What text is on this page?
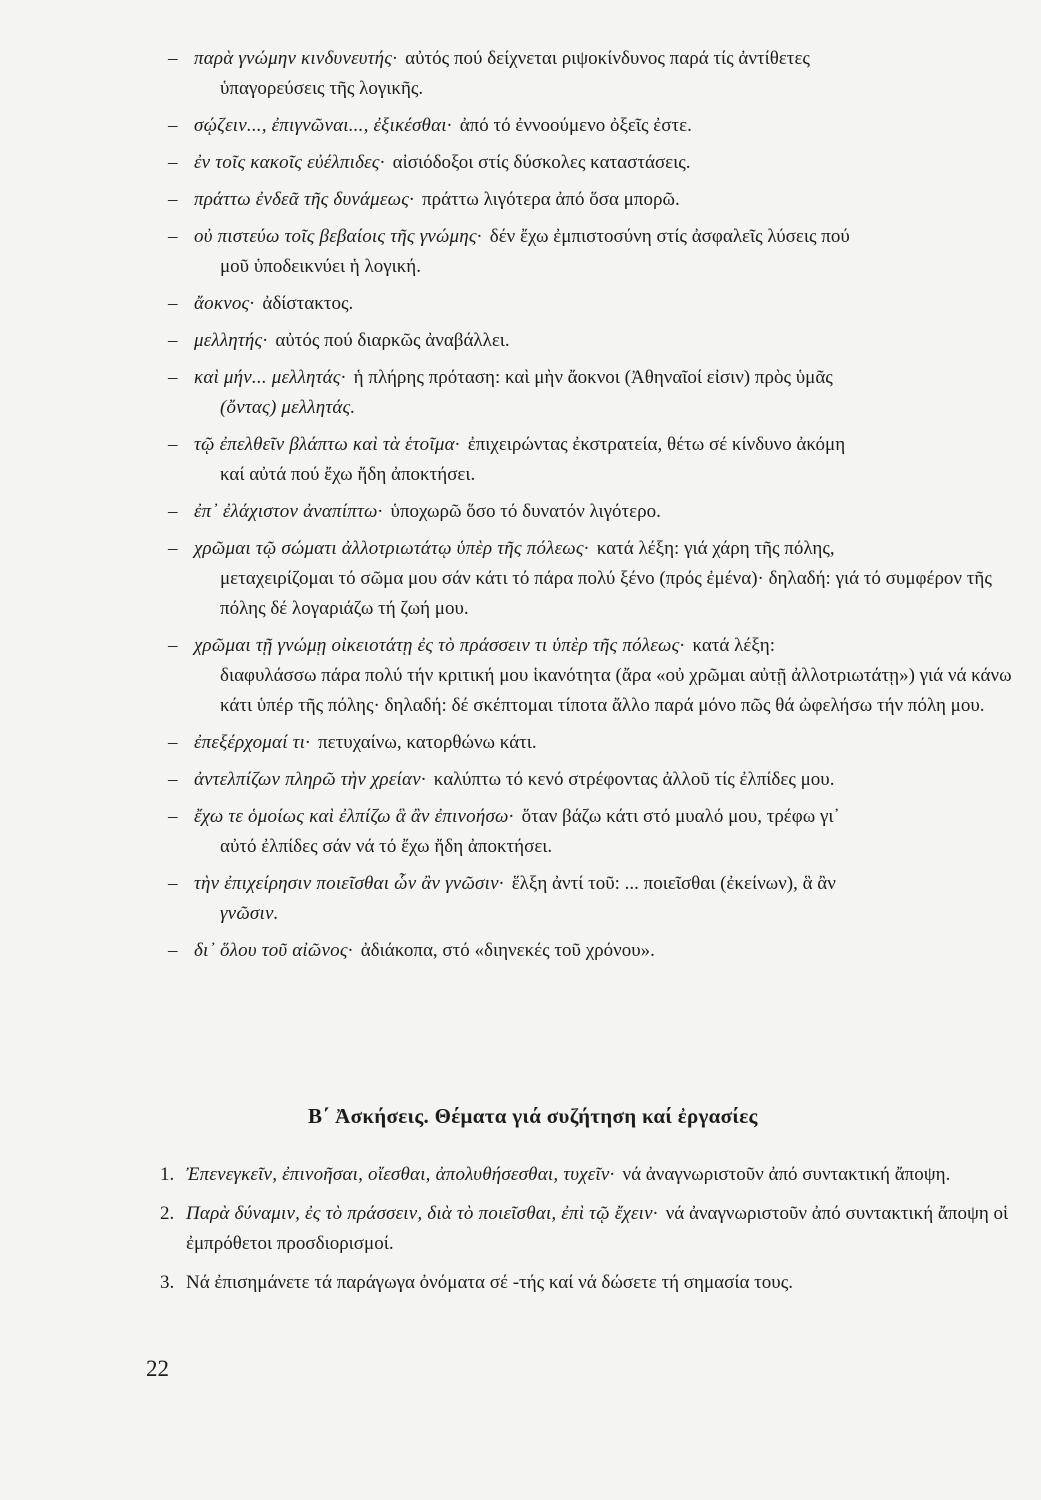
– παρὰ γνώμην κινδυνευτής· αὐτός πού δείχνεται ριψοκίνδυνος παρά τίς ἀντίθετες
ὑπαγορεύσεις τῆς λογικῆς.
– σῴζειν..., ἐπιγνῶναι..., ἐξικέσθαι· ἀπό τό ἐννοούμενο ὀξεῖς ἐστε.
– ἐν τοῖς κακοῖς εὐέλπιδες· αἰσιόδοξοι στίς δύσκολες καταστάσεις.
– πράττω ἐνδεᾶ τῆς δυνάμεως· πράττω λιγότερα ἀπό ὅσα μπορῶ.
– οὐ πιστεύω τοῖς βεβαίοις τῆς γνώμης· δέν ἔχω ἐμπιστοσύνη στίς ἀσφαλεῖς λύσεις πού
μοῦ ὑποδεικνύει ἡ λογική.
– ἄοκνος· ἀδίστακτος.
– μελλητής· αὐτός πού διαρκῶς ἀναβάλλει.
– καὶ μήν... μελλητάς· ἡ πλήρης πρόταση: καὶ μὴν ἄοκνοι (Ἀθηναῖοί εἰσιν) πρὸς ὑμᾶς
(ὄντας) μελλητάς.
– τῷ ἐπελθεῖν βλάπτω καὶ τὰ ἑτοῖμα· ἐπιχειρώντας ἐκστρατεία, θέτω σέ κίνδυνο ἀκόμη
καί αὐτά πού ἔχω ἤδη ἀποκτήσει.
– ἐπ᾽ ἐλάχιστον ἀναπίπτω· ὑποχωρῶ ὅσο τό δυνατόν λιγότερο.
– χρῶμαι τῷ σώματι ἀλλοτριωτάτῳ ὑπὲρ τῆς πόλεως· κατά λέξη: γιά χάρη τῆς πόλης,
μεταχειρίζομαι τό σῶμα μου σάν κάτι τό πάρα πολύ ξένο (πρός ἐμένα)· δηλαδή: γιά τό συμφέρον τῆς πόλης δέ λογαριάζω τή ζωή μου.
– χρῶμαι τῇ γνώμῃ οἰκειοτάτῃ ἐς τὸ πράσσειν τι ὑπὲρ τῆς πόλεως· κατά λέξη:
διαφυλάσσω πάρα πολύ τήν κριτική μου ἱκανότητα (ἄρα «οὐ χρῶμαι αὐτῇ ἀλλοτριωτάτῃ») γιά νά κάνω κάτι ὑπέρ τῆς πόλης· δηλαδή: δέ σκέπτομαι τίποτα ἄλλο παρά μόνο πῶς θά ὠφελήσω τήν πόλη μου.
– ἐπεξέρχομαί τι· πετυχαίνω, κατορθώνω κάτι.
– ἀντελπίζων πληρῶ τὴν χρείαν· καλύπτω τό κενό στρέφοντας ἀλλοῦ τίς ἐλπίδες μου.
– ἔχω τε ὁμοίως καὶ ἐλπίζω ἃ ἂν ἐπινοήσω· ὅταν βάζω κάτι στό μυαλό μου, τρέφω γι᾽
αὐτό ἐλπίδες σάν νά τό ἔχω ἤδη ἀποκτήσει.
– τὴν ἐπιχείρησιν ποιεῖσθαι ὧν ἂν γνῶσιν· ἕλξη ἀντί τοῦ: ... ποιεῖσθαι (ἐκείνων), ἃ ἂν
γνῶσιν.
– δι᾽ ὅλου τοῦ αἰῶνος· ἀδιάκοπα, στό «διηνεκές τοῦ χρόνου».
Β΄ Ἀσκήσεις. Θέματα γιά συζήτηση καί ἐργασίες
1. Ἐπενεγκεῖν, ἐπινοῆσαι, οἴεσθαι, ἀπολυθήσεσθαι, τυχεῖν· νά ἀναγνωριστοῦν ἀπό συντακτική ἄποψη.
2. Παρὰ δύναμιν, ἐς τὸ πράσσειν, διὰ τὸ ποιεῖσθαι, ἐπὶ τῷ ἔχειν· νά ἀναγνωριστοῦν ἀπό συντακτική ἄποψη οἱ ἐμπρόθετοι προσδιορισμοί.
3. Νά ἐπισημάνετε τά παράγωγα ὀνόματα σέ -τής καί νά δώσετε τή σημασία τους.
22
